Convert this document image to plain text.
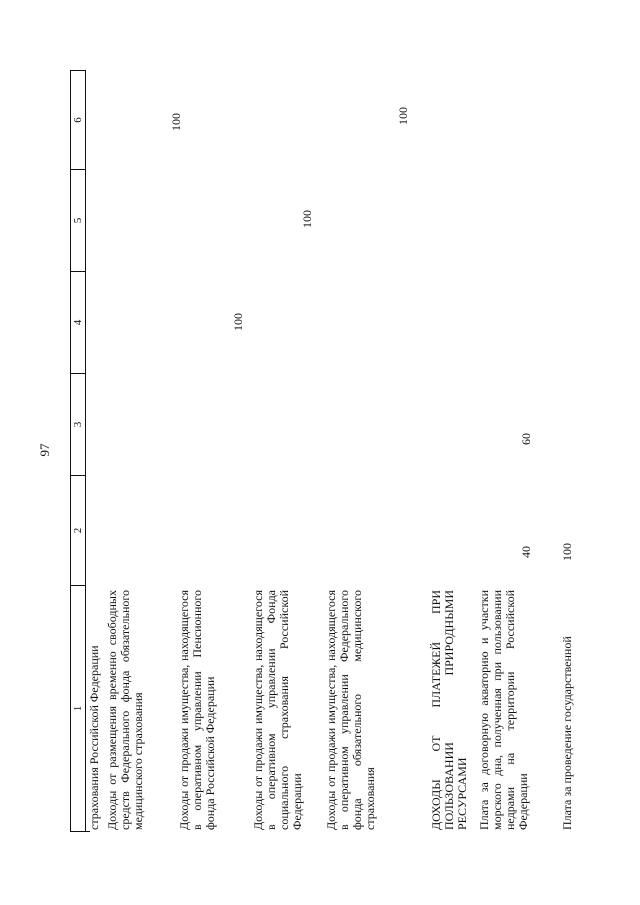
97
1
2
3
4
5
6
страхования Российской Федерации Доходы от размещения временно свободных средств Федерального фонда обязательного медицинского страхования
100
Доходы от продажи имущества, находящегося в оперативном управлении Пенсионного фонда Российской Федерации
100
Доходы от продажи имущества, находящегося в оперативном управлении Фонда социального страхования Российской Федерации
100
Доходы от продажи имущества, находящегося в оперативном управлении Федерального фонда обязательного медицинского страхования
100
ДОХОДЫ ОТ ПЛАТЕЖЕЙ ПРИ ПОЛЬЗОВАНИИ ПРИРОДНЫМИ РЕСУРСАМИ Плата за договорную акваторию и участки морского дна, полученная при пользовании недрами на территории Российской Федерации
40
60
Плата за проведение государственной
100
